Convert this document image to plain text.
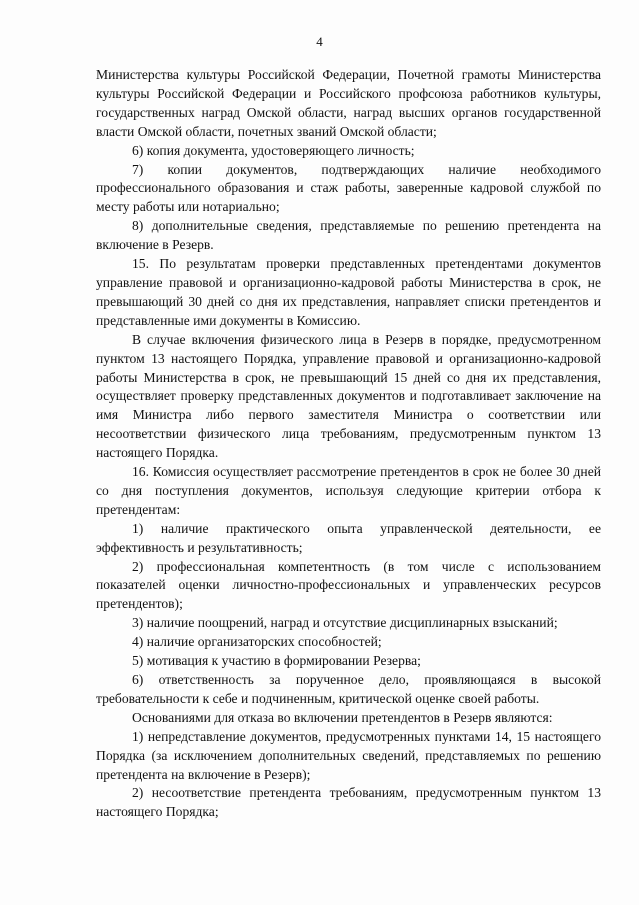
4

Министерства культуры Российской Федерации, Почетной грамоты Министерства культуры Российской Федерации и Российского профсоюза работников культуры, государственных наград Омской области, наград высших органов государственной власти Омской области, почетных званий Омской области;

6) копия документа, удостоверяющего личность;

7) копии документов, подтверждающих наличие необходимого профессионального образования и стаж работы, заверенные кадровой службой по месту работы или нотариально;

8) дополнительные сведения, представляемые по решению претендента на включение в Резерв.

15. По результатам проверки представленных претендентами документов управление правовой и организационно-кадровой работы Министерства в срок, не превышающий 30 дней со дня их представления, направляет списки претендентов и представленные ими документы в Комиссию.

В случае включения физического лица в Резерв в порядке, предусмотренном пунктом 13 настоящего Порядка, управление правовой и организационно-кадровой работы Министерства в срок, не превышающий 15 дней со дня их представления, осуществляет проверку представленных документов и подготавливает заключение на имя Министра либо первого заместителя Министра о соответствии или несоответствии физического лица требованиям, предусмотренным пунктом 13 настоящего Порядка.

16. Комиссия осуществляет рассмотрение претендентов в срок не более 30 дней со дня поступления документов, используя следующие критерии отбора к претендентам:

1) наличие практического опыта управленческой деятельности, ее эффективность и результативность;

2) профессиональная компетентность (в том числе с использованием показателей оценки личностно-профессиональных и управленческих ресурсов претендентов);

3) наличие поощрений, наград и отсутствие дисциплинарных взысканий;

4) наличие организаторских способностей;

5) мотивация к участию в формировании Резерва;

6) ответственность за порученное дело, проявляющаяся в высокой требовательности к себе и подчиненным, критической оценке своей работы.

Основаниями для отказа во включении претендентов в Резерв являются:

1) непредставление документов, предусмотренных пунктами 14, 15 настоящего Порядка (за исключением дополнительных сведений, представляемых по решению претендента на включение в Резерв);

2) несоответствие претендента требованиям, предусмотренным пунктом 13 настоящего Порядка;
